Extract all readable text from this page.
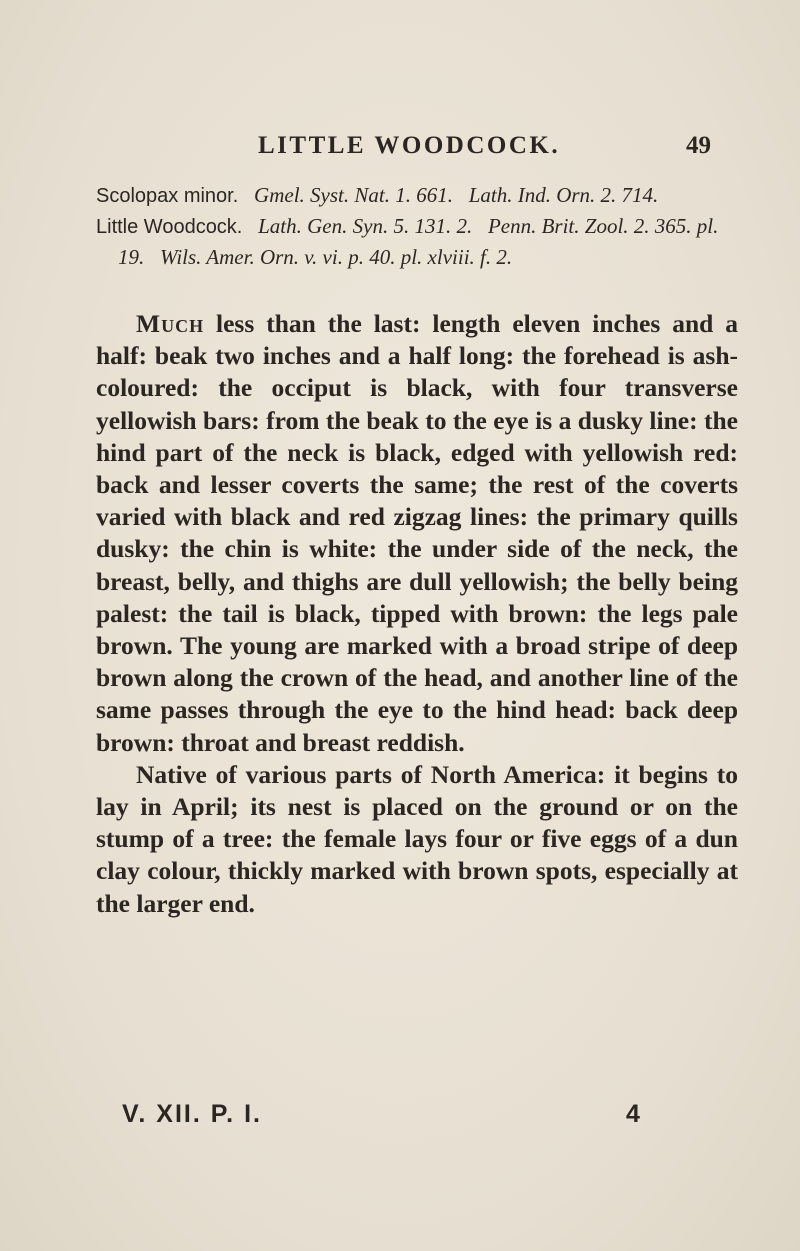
LITTLE WOODCOCK.	49

Scolopax minor. Gmel. Syst. Nat. 1. 661. Lath. Ind. Orn. 2. 714.

Little Woodcock. Lath. Gen. Syn. 5. 131. 2. Penn. Brit. Zool. 2. 365. pl. 19. Wils. Amer. Orn. v. vi. p. 40. pl. xlviii. f. 2.

Much less than the last: length eleven inches and a half: beak two inches and a half long: the forehead is ash-coloured: the occiput is black, with four transverse yellowish bars: from the beak to the eye is a dusky line: the hind part of the neck is black, edged with yellowish red: back and lesser coverts the same; the rest of the coverts varied with black and red zigzag lines: the primary quills dusky: the chin is white: the under side of the neck, the breast, belly, and thighs are dull yellowish; the belly being palest: the tail is black, tipped with brown: the legs pale brown. The young are marked with a broad stripe of deep brown along the crown of the head, and another line of the same passes through the eye to the hind head: back deep brown: throat and breast reddish.

Native of various parts of North America: it begins to lay in April; its nest is placed on the ground or on the stump of a tree: the female lays four or five eggs of a dun clay colour, thickly marked with brown spots, especially at the larger end.

V. XII. P. I.	4
